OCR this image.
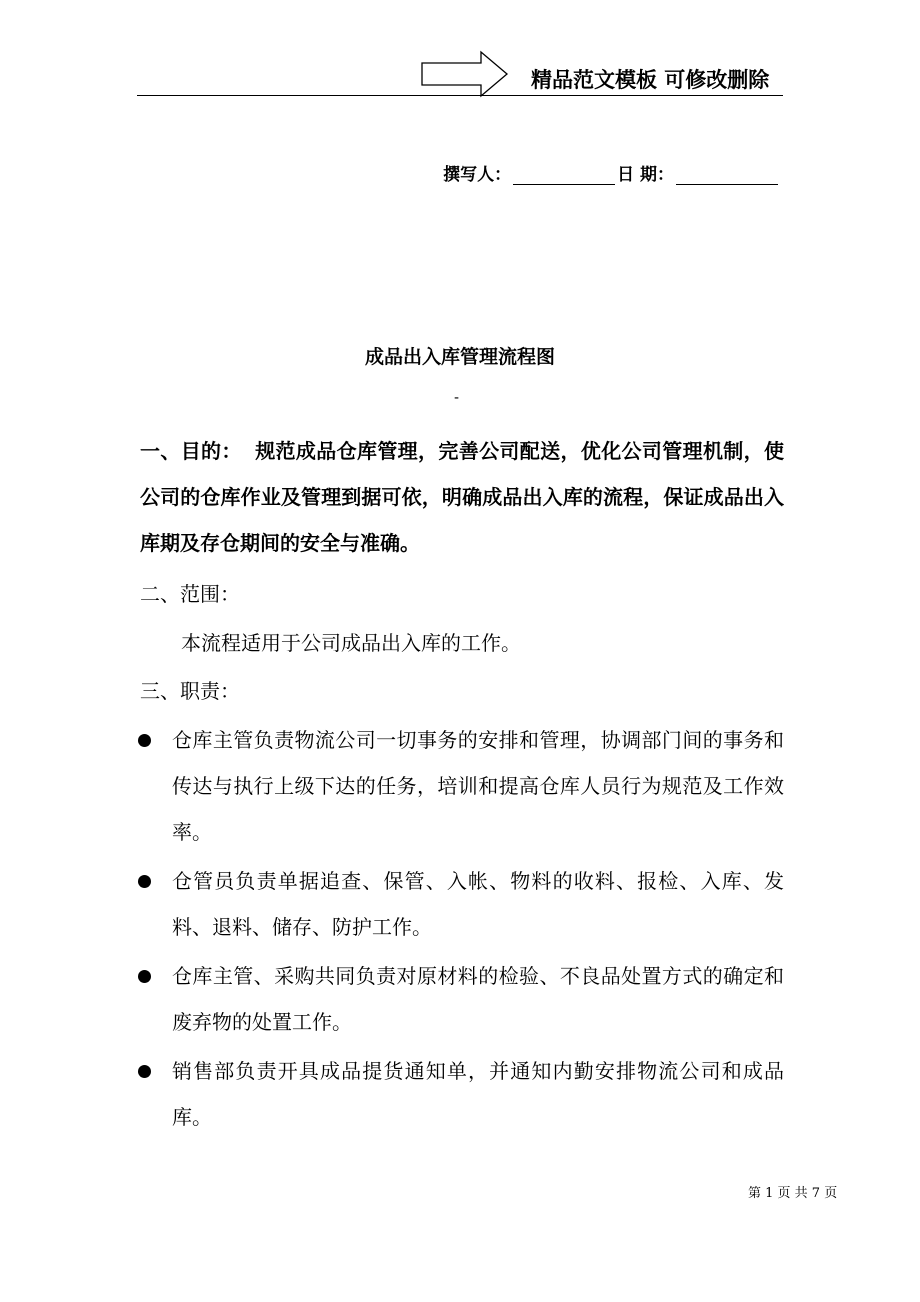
精品范文模板 可修改删除
撰写人：	日 期：
成品出入库管理流程图
-
一、目的： 规范成品仓库管理，完善公司配送，优化公司管理机制，使公司的仓库作业及管理到据可依，明确成品出入库的流程，保证成品出入库期及存仓期间的安全与准确。
二、范围：
本流程适用于公司成品出入库的工作。
三、职责：
仓库主管负责物流公司一切事务的安排和管理，协调部门间的事务和传达与执行上级下达的任务，培训和提高仓库人员行为规范及工作效率。
仓管员负责单据追查、保管、入帐、物料的收料、报检、入库、发料、退料、储存、防护工作。
仓库主管、采购共同负责对原材料的检验、不良品处置方式的确定和废弃物的处置工作。
销售部负责开具成品提货通知单，并通知内勤安排物流公司和成品库。
第 1 页 共 7 页
